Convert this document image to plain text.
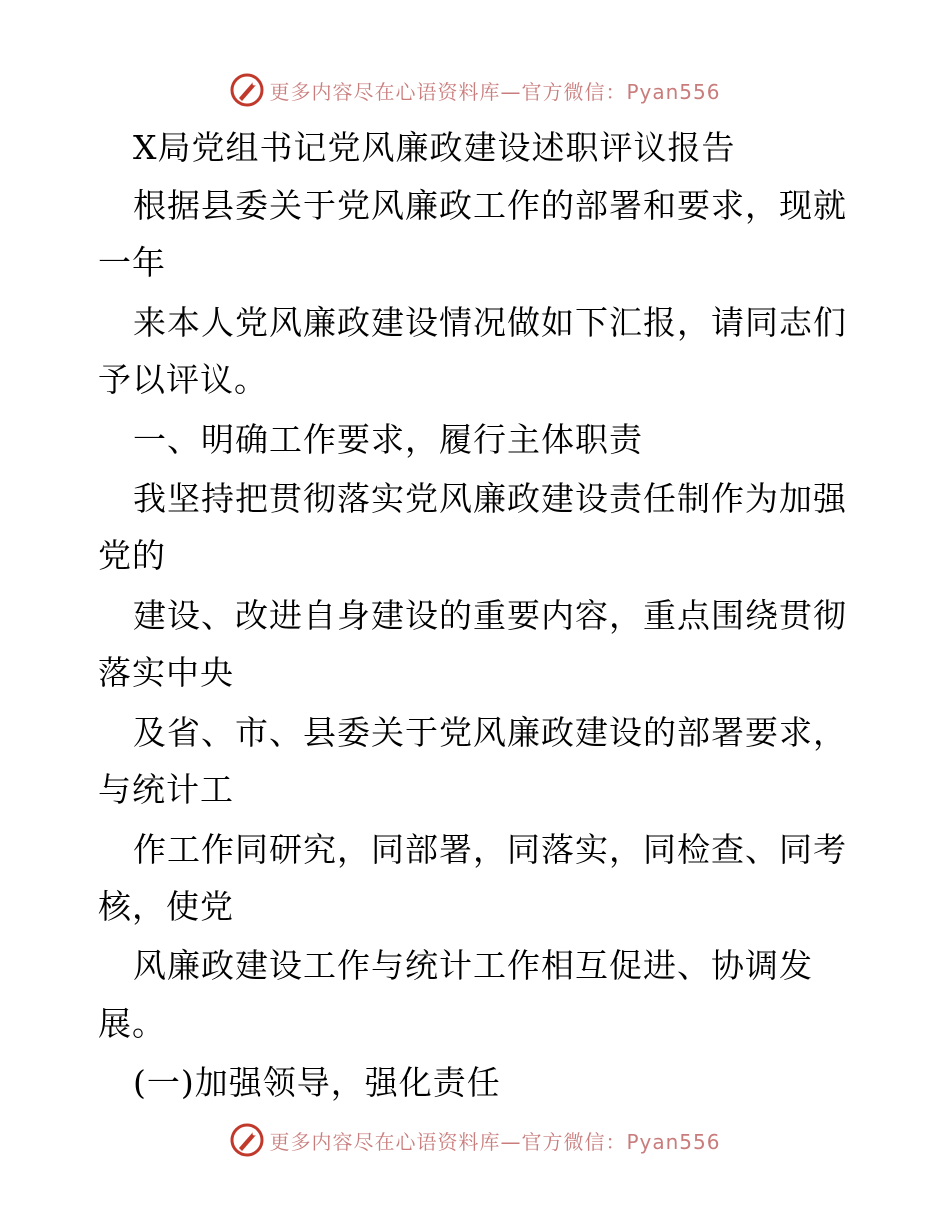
更多内容尽在心语资料库—官方微信：Pyan556
X局党组书记党风廉政建设述职评议报告
根据县委关于党风廉政工作的部署和要求，现就
一年
来本人党风廉政建设情况做如下汇报，请同志们
予以评议。
一、明确工作要求，履行主体职责
我坚持把贯彻落实党风廉政建设责任制作为加强
党的
建设、改进自身建设的重要内容，重点围绕贯彻
落实中央
及省、市、县委关于党风廉政建设的部署要求，
与统计工
作工作同研究，同部署，同落实，同检查、同考
核，使党
风廉政建设工作与统计工作相互促进、协调发
展。
(一)加强领导，强化责任
更多内容尽在心语资料库—官方微信：Pyan556
